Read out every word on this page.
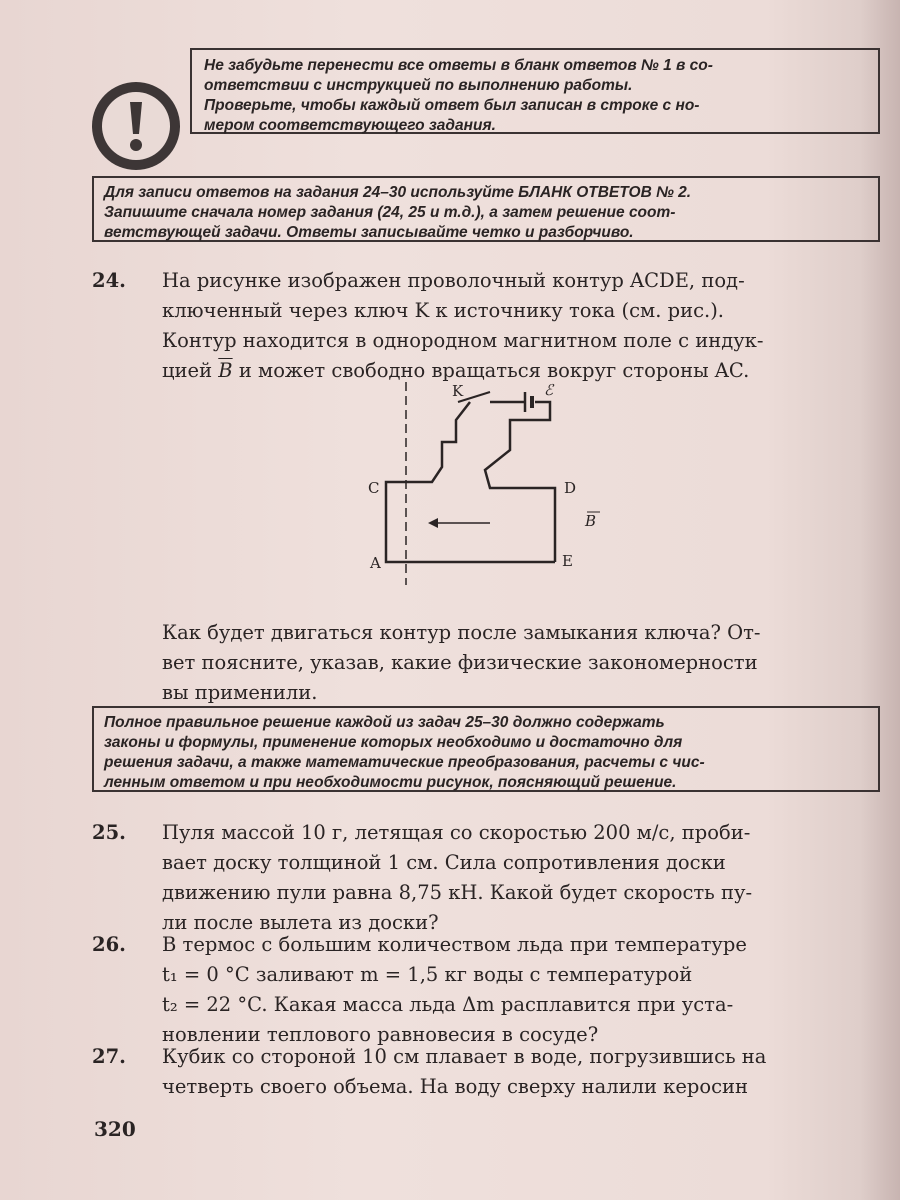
Не забудьте перенести все ответы в бланк ответов № 1 в со-

ответствии с инструкцией по выполнению работы.

Проверьте, чтобы каждый ответ был записан в строке с но-

мером соответствующего задания.

Для записи ответов на задания 24–30 используйте БЛАНК ОТВЕТОВ № 2.

Запишите сначала номер задания (24, 25 и т.д.), а затем решение соот-

ветствующей задачи. Ответы записывайте четко и разборчиво.

24. На рисунке изображен проволочный контур ACDE, под-

ключенный через ключ K к источнику тока (см. рис.).

Контур находится в однородном магнитном поле с индук-

цией $\overline{B}$ и может свободно вращаться вокруг стороны AC.

K	ℰ
C	D
A	E
B

Как будет двигаться контур после замыкания ключа? От-

вет поясните, указав, какие физические закономерности

вы применили.

Полное правильное решение каждой из задач 25–30 должно содержать

законы и формулы, применение которых необходимо и достаточно для

решения задачи, а также математические преобразования, расчеты с чис-

ленным ответом и при необходимости рисунок, поясняющий решение.

25. Пуля массой 10 г, летящая со скоростью 200 м/с, проби-

вает доску толщиной 1 см. Сила сопротивления доски

движению пули равна 8,75 кН. Какой будет скорость пу-

ли после вылета из доски?

26. В термос с большим количеством льда при температуре

t₁ = 0 °C заливают m = 1,5 кг воды с температурой

t₂ = 22 °C. Какая масса льда Δm расплавится при уста-

новлении теплового равновесия в сосуде?

27. Кубик со стороной 10 см плавает в воде, погрузившись на

четверть своего объема. На воду сверху налили керосин

320
